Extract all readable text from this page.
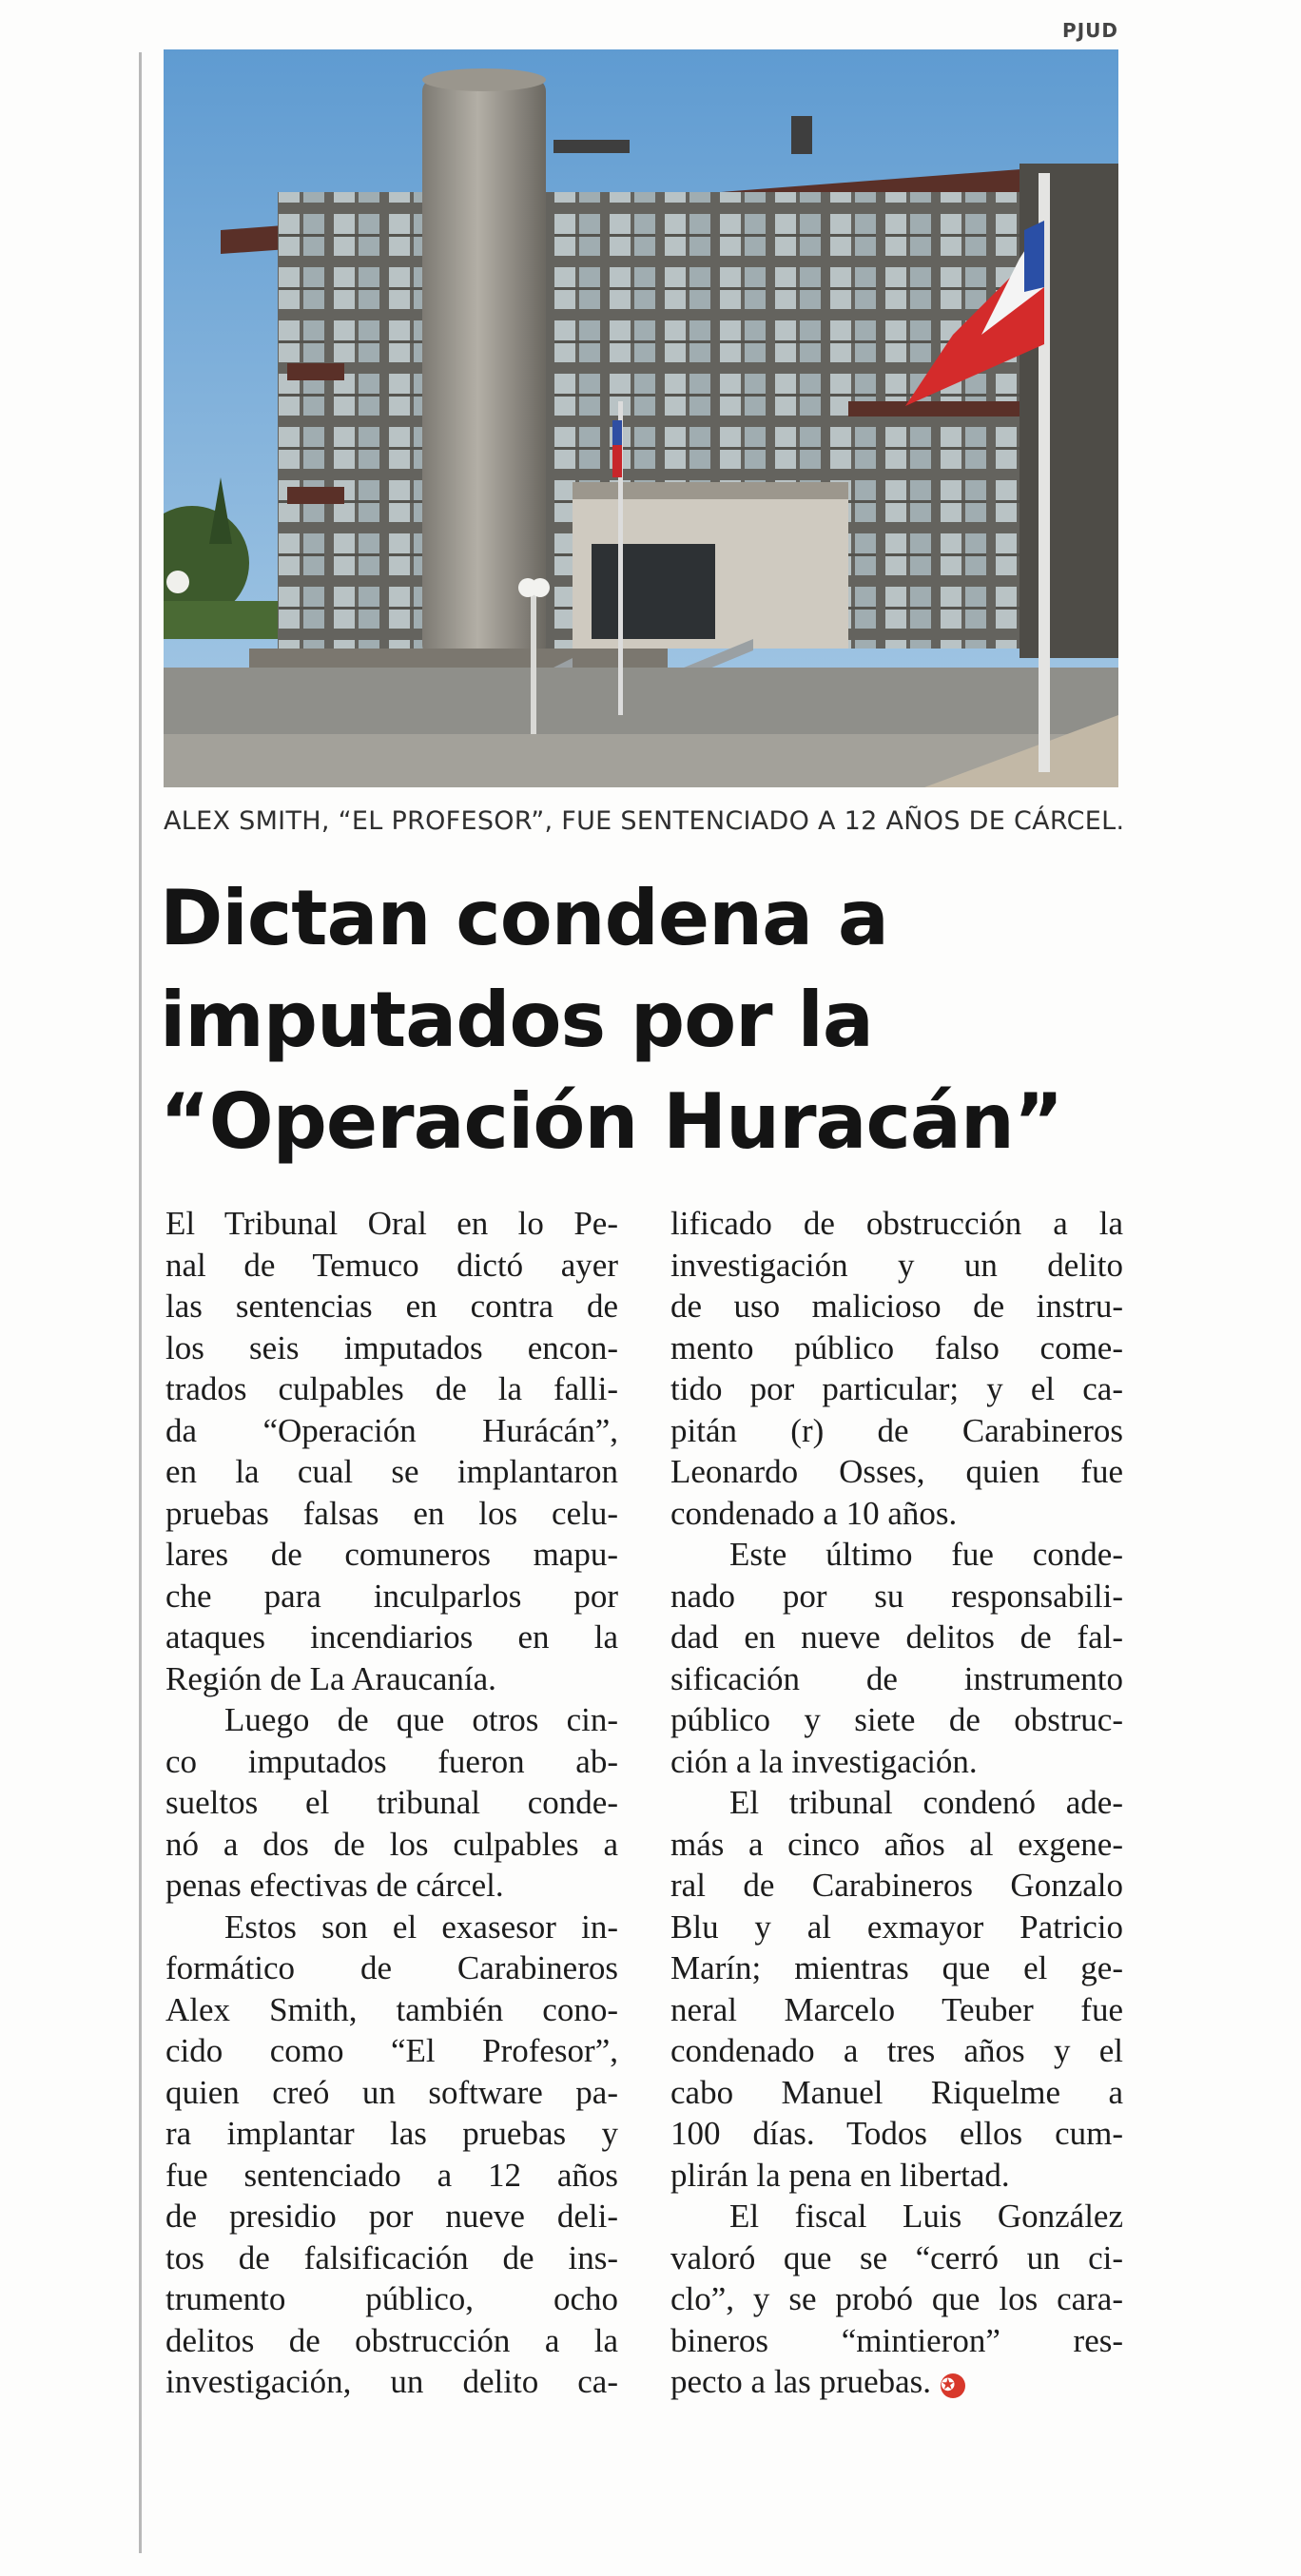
PJUD
ALEX SMITH, “EL PROFESOR”, FUE SENTENCIADO A 12 AÑOS DE CÁRCEL.
Dictan condena a
imputados por la
“Operación Huracán”
El Tribunal Oral en lo Pe-
nal de Temuco dictó ayer
las sentencias en contra de
los seis imputados encon-
trados culpables de la falli-
da “Operación Hurácán”,
en la cual se implantaron
pruebas falsas en los celu-
lares de comuneros mapu-
che para inculparlos por
ataques incendiarios en la
Región de La Araucanía.
Luego de que otros cin-
co imputados fueron ab-
sueltos el tribunal conde-
nó a dos de los culpables a
penas efectivas de cárcel.
Estos son el exasesor in-
formático de Carabineros
Alex Smith, también cono-
cido como “El Profesor”,
quien creó un software pa-
ra implantar las pruebas y
fue sentenciado a 12 años
de presidio por nueve deli-
tos de falsificación de ins-
trumento público, ocho
delitos de obstrucción a la
investigación, un delito ca-
lificado de obstrucción a la
investigación y un delito
de uso malicioso de instru-
mento público falso come-
tido por particular; y el ca-
pitán (r) de Carabineros
Leonardo Osses, quien fue
condenado a 10 años.
Este último fue conde-
nado por su responsabili-
dad en nueve delitos de fal-
sificación de instrumento
público y siete de obstruc-
ción a la investigación.
El tribunal condenó ade-
más a cinco años al exgene-
ral de Carabineros Gonzalo
Blu y al exmayor Patricio
Marín; mientras que el ge-
neral Marcelo Teuber fue
condenado a tres años y el
cabo Manuel Riquelme a
100 días. Todos ellos cum-
plirán la pena en libertad.
El fiscal Luis González
valoró que se “cerró un ci-
clo”, y se probó que los cara-
bineros “mintieron” res-
pecto a las pruebas. ✪
